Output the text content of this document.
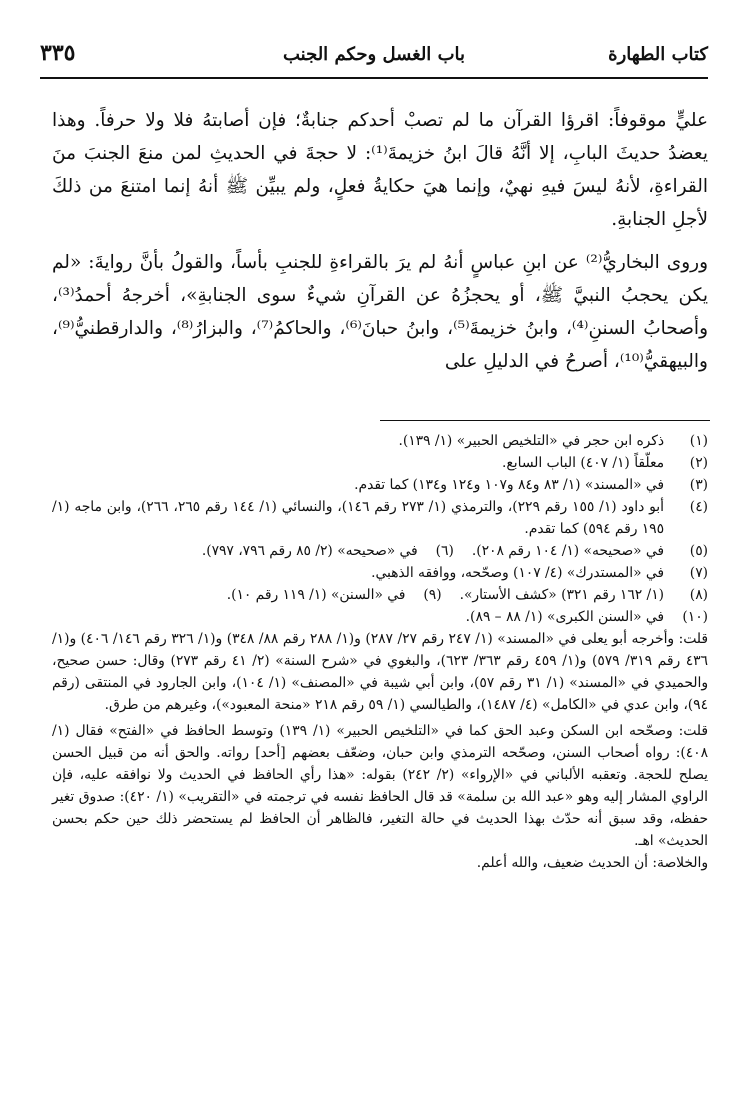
كتاب الطهارة
باب الغسل وحكم الجنب
٣٣٥

عليٍّ موقوفاً: اقرؤا القرآن ما لم تصبْ أحدكم جنابةٌ؛ فإن أصابتهُ فلا ولا حرفاً. وهذا يعضدُ حديثَ البابِ، إلا أنَّهُ قالَ ابنُ خزيمةَ⁽¹⁾: لا حجةَ في الحديثِ لمن منعَ الجنبَ منَ القراءةِ، لأنهُ ليسَ فيهِ نهيٌ، وإنما هيَ حكايةُ فعلٍ، ولم يبيِّن ﷺ أنهُ إنما امتنعَ من ذلكَ لأجلِ الجنابةِ.

وروى البخاريُّ⁽²⁾ عن ابنِ عباسٍ أنهُ لم يرَ بالقراءةِ للجنبِ بأساً، والقولُ بأنَّ روايةَ: «لم يكن يحجبُ النبيَّ ﷺ، أو يحجزُهُ عن القرآنِ شيءٌ سوى الجنابةِ»، أخرجهُ أحمدُ⁽³⁾، وأصحابُ السننِ⁽⁴⁾، وابنُ خزيمةَ⁽⁵⁾، وابنُ حبانَ⁽⁶⁾، والحاكمُ⁽⁷⁾، والبزارُ⁽⁸⁾، والدارقطنيُّ⁽⁹⁾، والبيهقيُّ⁽¹⁰⁾، أصرحُ في الدليلِ على

(١)
ذكره ابن حجر في «التلخيص الحبير» (١/ ١٣٩).

(٢)
معلّقاً (١/ ٤٠٧) الباب السابع.

(٣)
في «المسند» (١/ ٨٣ و٨٤ و١٠٧ و١٢٤ و١٣٤) كما تقدم.

(٤)
أبو داود (١/ ١٥٥ رقم ٢٢٩)، والترمذي (١/ ٢٧٣ رقم ١٤٦)، والنسائي (١/ ١٤٤ رقم ٢٦٥، ٢٦٦)، وابن ماجه (١/ ١٩٥ رقم ٥٩٤) كما تقدم.

(٥)
في «صحيحه» (١/ ١٠٤ رقم ٢٠٨).
(٦)
في «صحيحه» (٢/ ٨٥ رقم ٧٩٦، ٧٩٧).

(٧)
في «المستدرك» (٤/ ١٠٧) وصحّحه، ووافقه الذهبي.

(٨)
(١/ ١٦٢ رقم ٣٢١) «كشف الأستار».
(٩)
في «السنن» (١/ ١١٩ رقم ١٠).

(١٠)
في «السنن الكبرى» (١/ ٨٨ – ٨٩).

قلت: وأخرجه أبو يعلى في «المسند» (١/ ٢٤٧ رقم ٢٧/ ٢٨٧) و(١/ ٢٨٨ رقم ٨٨/ ٣٤٨) و(١/ ٣٢٦ رقم ١٤٦/ ٤٠٦) و(١/ ٤٣٦ رقم ٣١٩/ ٥٧٩) و(١/ ٤٥٩ رقم ٣٦٣/ ٦٢٣)، والبغوي في «شرح السنة» (٢/ ٤١ رقم ٢٧٣) وقال: حسن صحيح، والحميدي في «المسند» (١/ ٣١ رقم ٥٧)، وابن أبي شيبة في «المصنف» (١/ ١٠٤)، وابن الجارود في المنتقى (رقم ٩٤)، وابن عدي في «الكامل» (٤/ ١٤٨٧)، والطيالسي (١/ ٥٩ رقم ٢١٨ «منحة المعبود»)، وغيرهم من طرق.

قلت: وصحّحه ابن السكن وعبد الحق كما في «التلخيص الحبير» (١/ ١٣٩) وتوسط الحافظ في «الفتح» فقال (١/ ٤٠٨): رواه أصحاب السنن، وصحّحه الترمذي وابن حبان، وضعّف بعضهم [أحد] رواته. والحق أنه من قبيل الحسن يصلح للحجة. وتعقبه الألباني في «الإرواء» (٢/ ٢٤٢) بقوله: «هذا رأي الحافظ في الحديث ولا نوافقه عليه، فإن الراوي المشار إليه وهو «عبد الله بن سلمة» قد قال الحافظ نفسه في ترجمته في «التقريب» (١/ ٤٢٠): صدوق تغير حفظه، وقد سبق أنه حدّث بهذا الحديث في حالة التغير، فالظاهر أن الحافظ لم يستحضر ذلك حين حكم بحسن الحديث» اهـ.

والخلاصة: أن الحديث ضعيف، والله أعلم.
